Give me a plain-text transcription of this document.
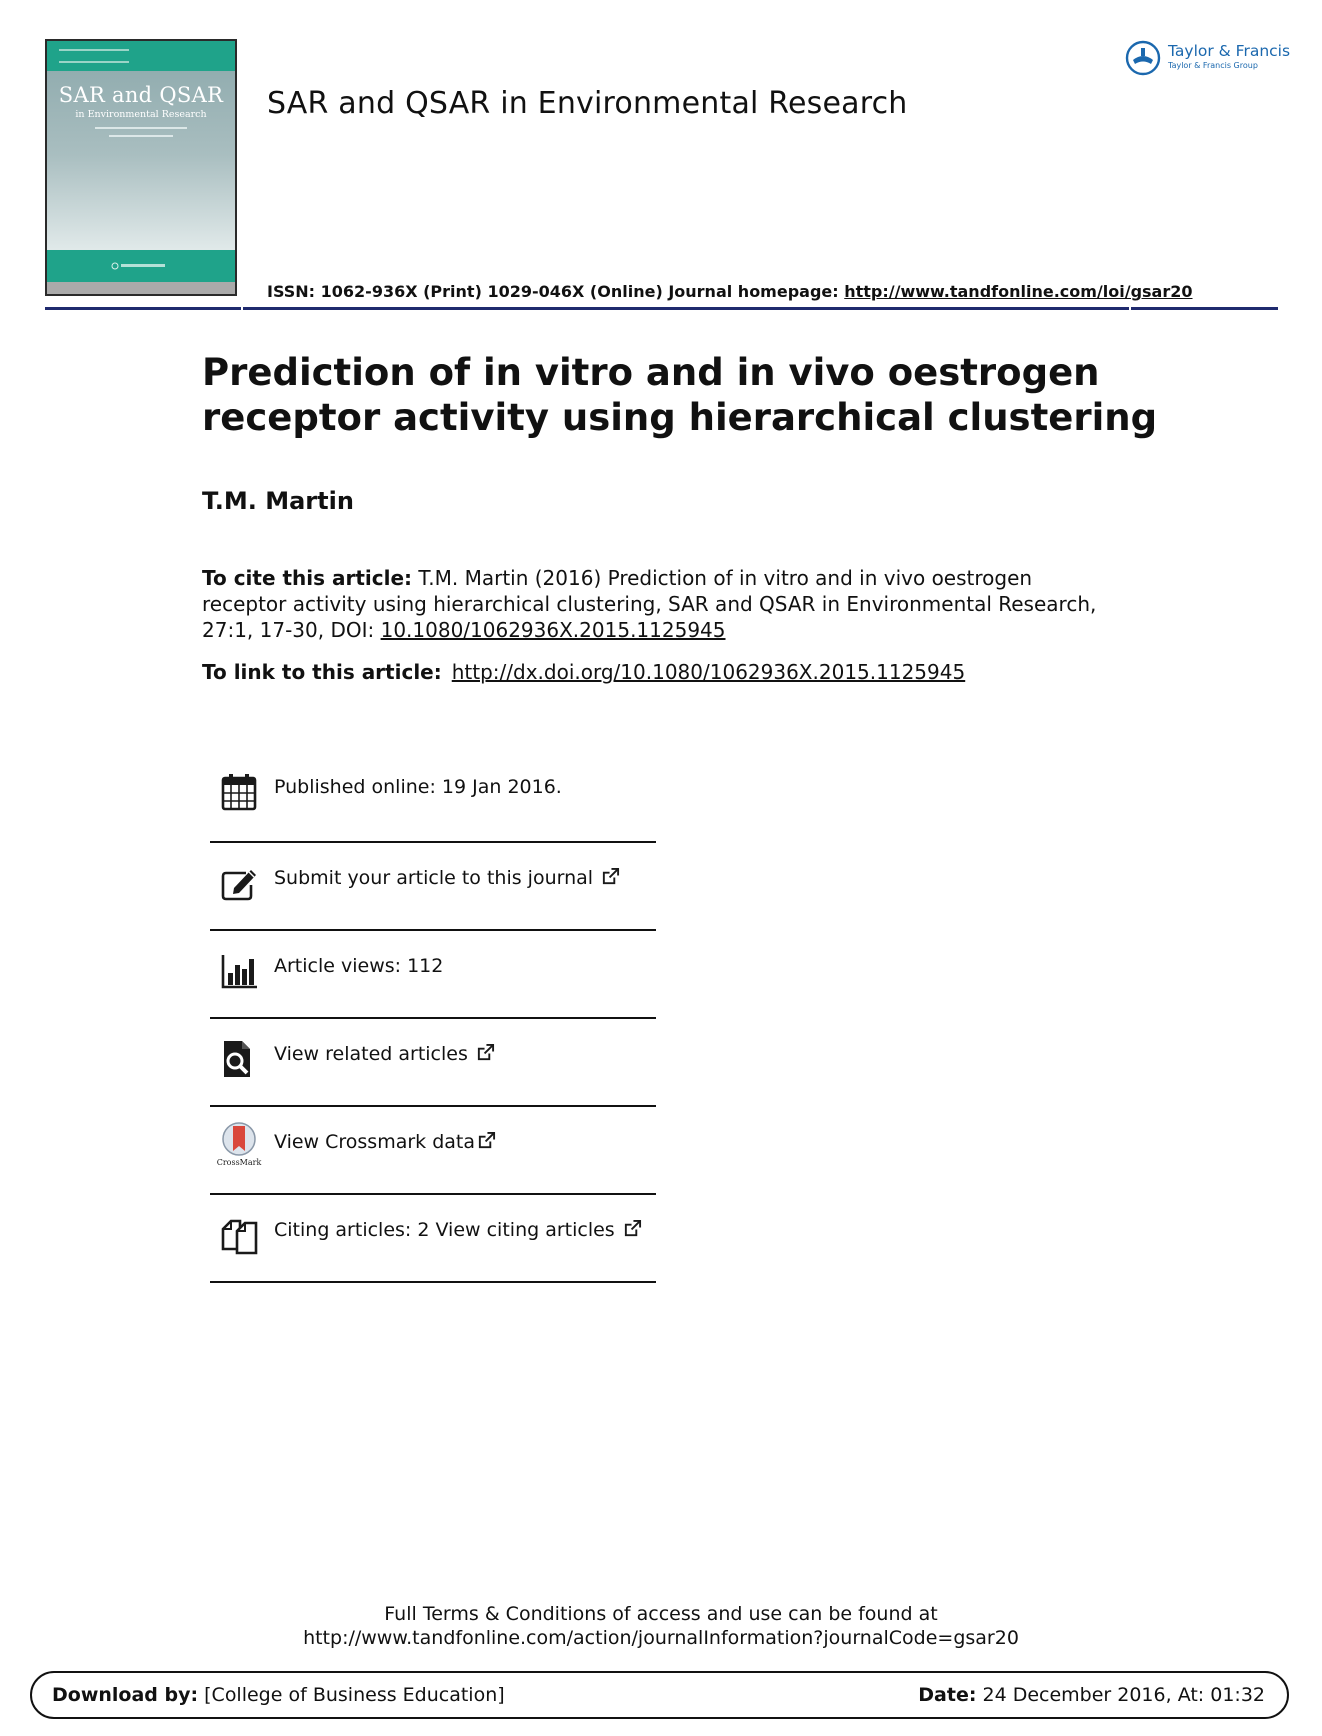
SAR and QSAR
in Environmental Research	SAR and QSAR in Environmental Research
Taylor & Francis
Taylor & Francis Group
ISSN: 1062-936X (Print) 1029-046X (Online) Journal homepage: http://www.tandfonline.com/loi/gsar20
Prediction of in vitro and in vivo oestrogen
receptor activity using hierarchical clustering
T.M. Martin
To cite this article: T.M. Martin (2016) Prediction of in vitro and in vivo oestrogen receptor activity using hierarchical clustering, SAR and QSAR in Environmental Research, 27:1, 17-30, DOI: 10.1080/1062936X.2015.1125945
To link to this article: http://dx.doi.org/10.1080/1062936X.2015.1125945
Published online: 19 Jan 2016.
Submit your article to this journal
Article views: 112
View related articles
CrossMark
View Crossmark data
Citing articles: 2 View citing articles
Full Terms & Conditions of access and use can be found at
http://www.tandfonline.com/action/journalInformation?journalCode=gsar20
Download by: [College of Business Education]	Date: 24 December 2016, At: 01:32
